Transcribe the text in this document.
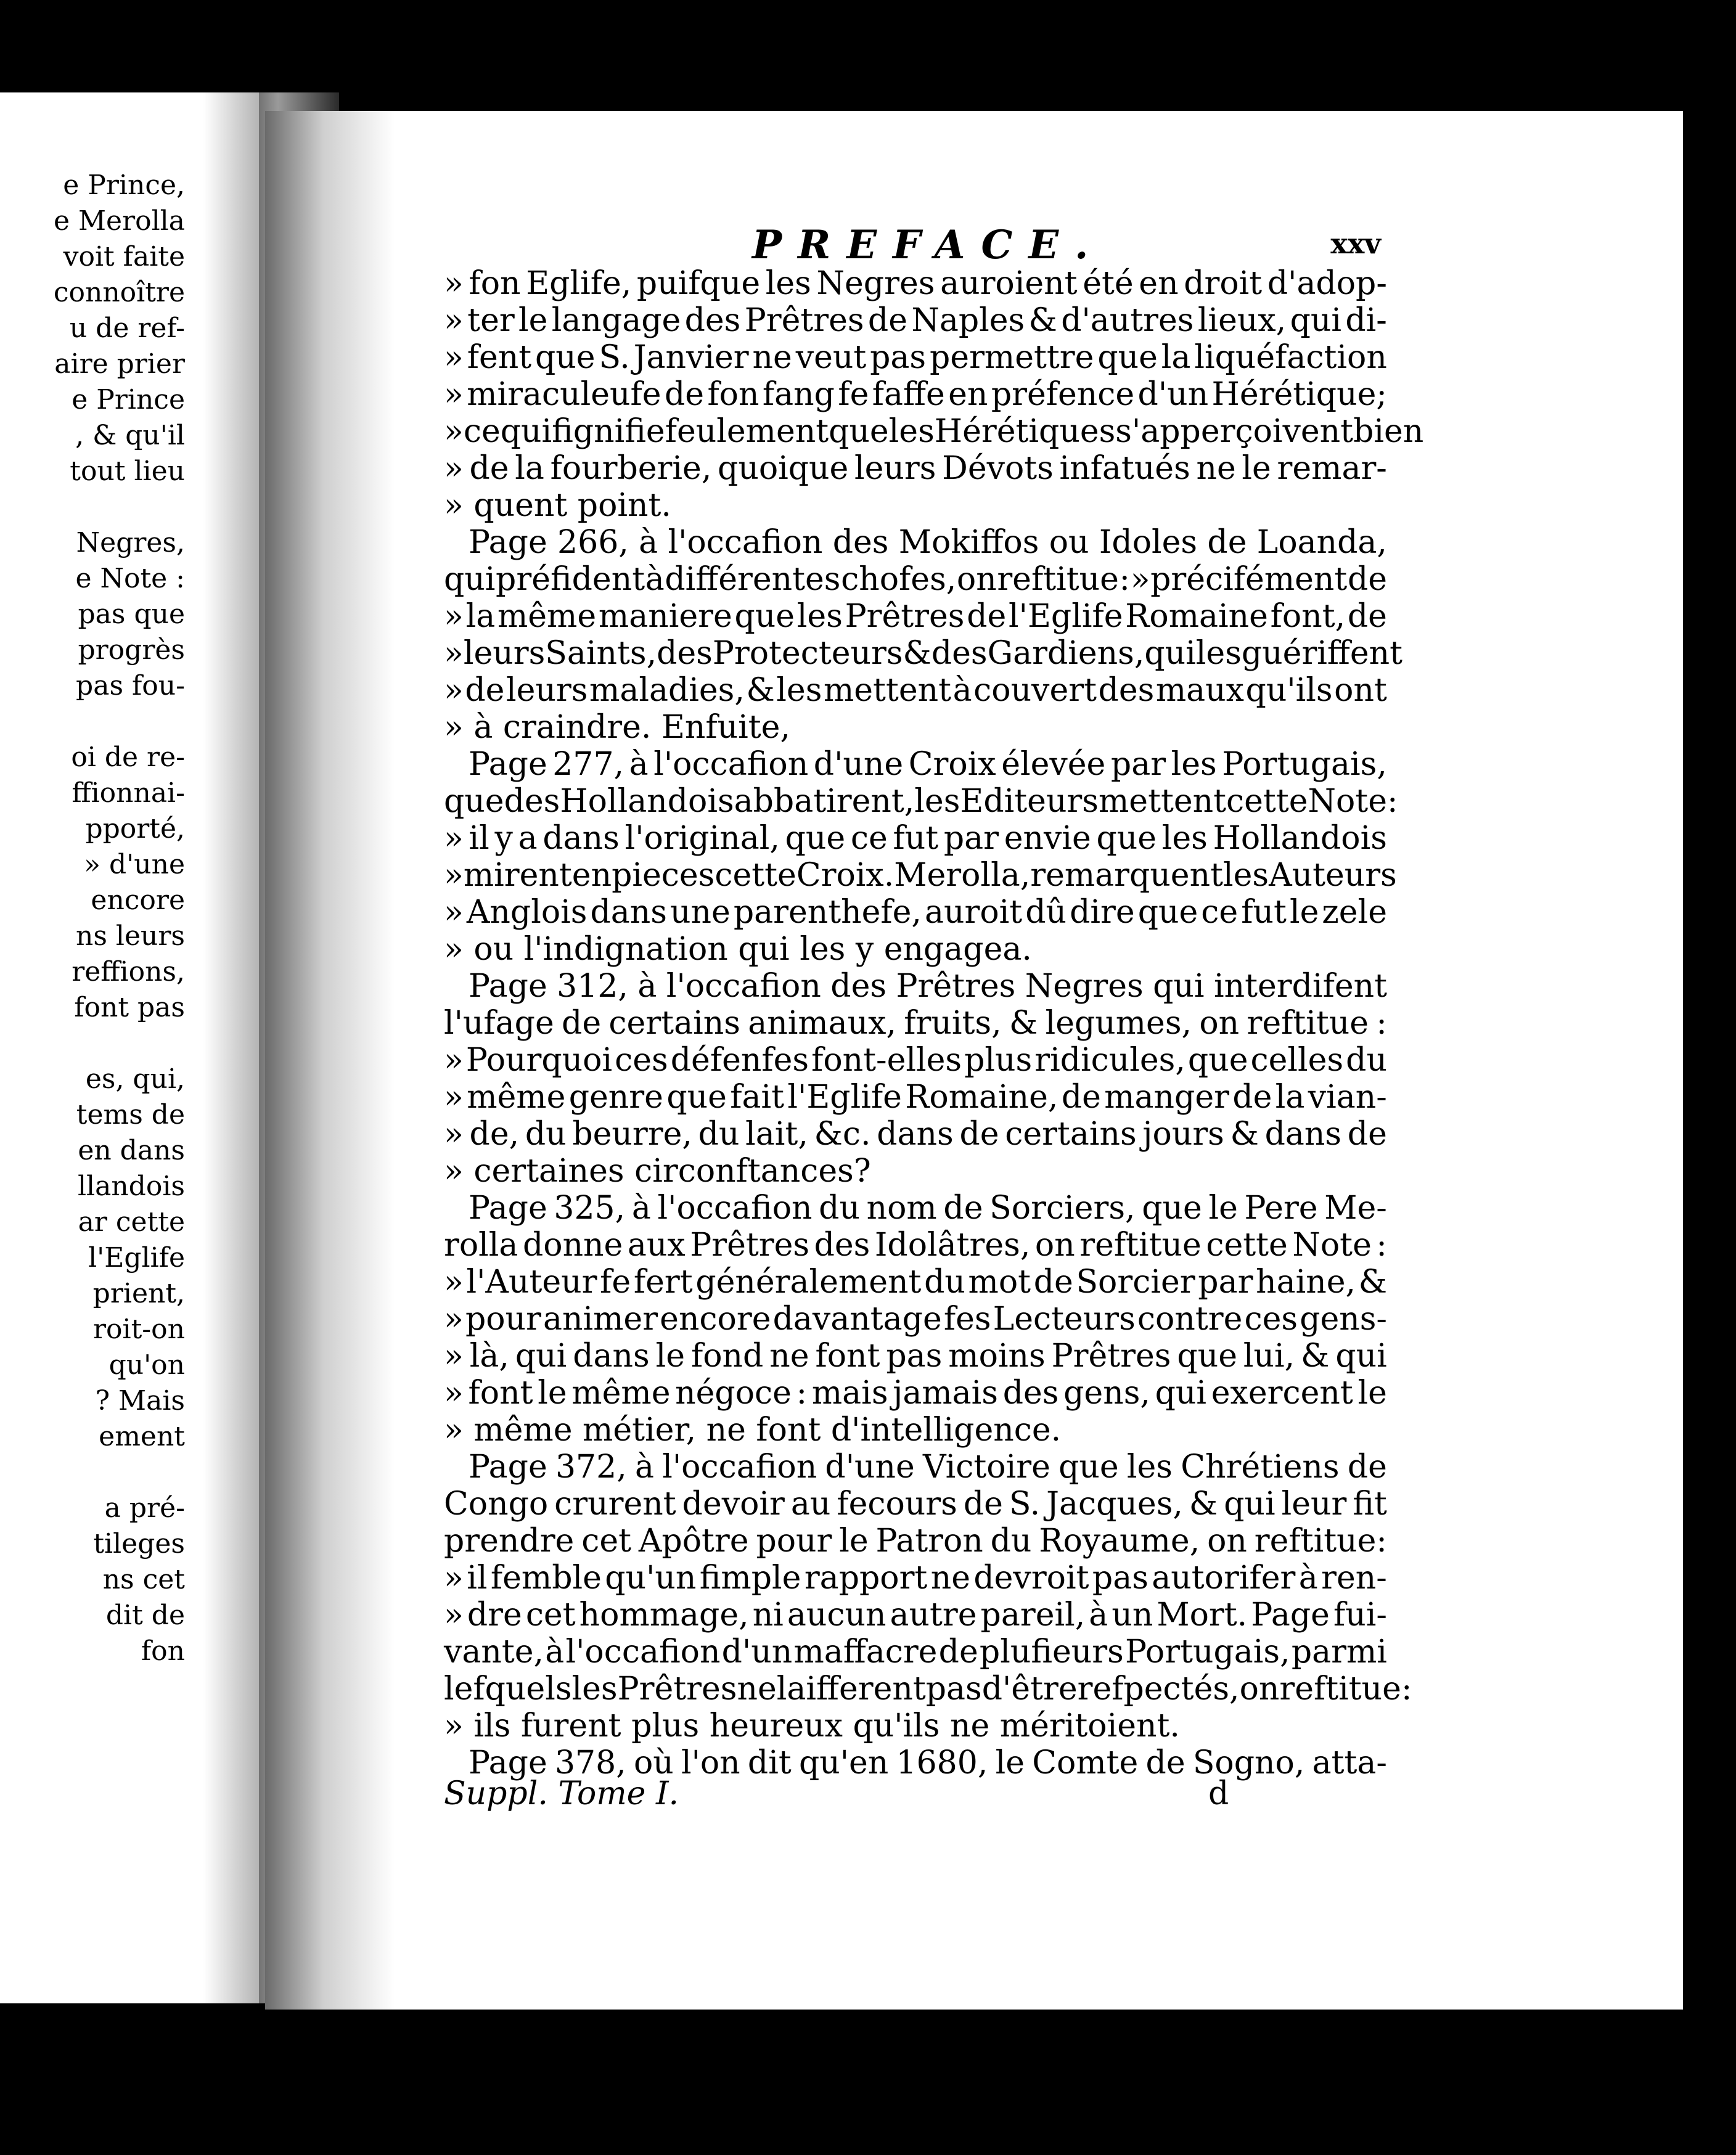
e Prince,
e Merolla
voit faite
connoître
u de ref-
aire prier
e Prince
, & qu'il
tout lieu
Negres,
e Note :
pas que
progrès
pas fou-
oi de re-
ffionnai-
pporté,
» d'une
encore
ns leurs
reffions,
font pas
es, qui,
tems de
en dans
llandois
ar cette
l'Eglife
prient,
roit-on
qu'on
? Mais
ement
a pré-
tileges
ns cet
dit de
fon
PREFACE.	xxv
» fon Eglife, puifque les Negres auroient été en droit d'adop-
» ter le langage des Prêtres de Naples & d'autres lieux, qui di-
» fent que S. Janvier ne veut pas permettre que la liquéfaction
» miraculeufe de fon fang fe faffe en préfence d'un Hérétique;
» ce qui fignifie feulement que les Hérétiques s'apperçoivent bien
» de la fourberie, quoique leurs Dévots infatués ne le remar-
» quent point.
Page 266, à l'occafion des Mokiffos ou Idoles de Loanda,
qui préfident à différentes chofes, on reftitue : » précifément de
» la même maniere que les Prêtres de l'Eglife Romaine font, de
» leurs Saints, des Protecteurs & des Gardiens, qui les guériffent
» de leurs maladies, & les mettent à couvert des maux qu'ils ont
» à craindre. Enfuite,
Page 277, à l'occafion d'une Croix élevée par les Portugais,
que des Hollandois abbatirent, les Editeurs mettent cette Note:
» il y a dans l'original, que ce fut par envie que les Hollandois
» mirent en pieces cette Croix. Merolla, remarquent les Auteurs
» Anglois dans une parenthefe, auroit dû dire que ce fut le zele
» ou l'indignation qui les y engagea.
Page 312, à l'occafion des Prêtres Negres qui interdifent
l'ufage de certains animaux, fruits, & legumes, on reftitue :
» Pourquoi ces défenfes font-elles plus ridicules, que celles du
» même genre que fait l'Eglife Romaine, de manger de la vian-
» de, du beurre, du lait, &c. dans de certains jours & dans de
» certaines circonftances?
Page 325, à l'occafion du nom de Sorciers, que le Pere Me-
rolla donne aux Prêtres des Idolâtres, on reftitue cette Note :
» l'Auteur fe fert généralement du mot de Sorcier par haine, &
» pour animer encore davantage fes Lecteurs contre ces gens-
» là, qui dans le fond ne font pas moins Prêtres que lui, & qui
» font le même négoce : mais jamais des gens, qui exercent le
» même métier, ne font d'intelligence.
Page 372, à l'occafion d'une Victoire que les Chrétiens de
Congo crurent devoir au fecours de S. Jacques, & qui leur fit
prendre cet Apôtre pour le Patron du Royaume, on reftitue:
» il femble qu'un fimple rapport ne devroit pas autorifer à ren-
» dre cet hommage, ni aucun autre pareil, à un Mort. Page fui-
vante, à l'occafion d'un maffacre de plufieurs Portugais, parmi
lefquels les Prêtres ne laifferent pas d'être refpectés, on reftitue :
» ils furent plus heureux qu'ils ne méritoient.
Page 378, où l'on dit qu'en 1680, le Comte de Sogno, atta-
Suppl. Tome I.	d
